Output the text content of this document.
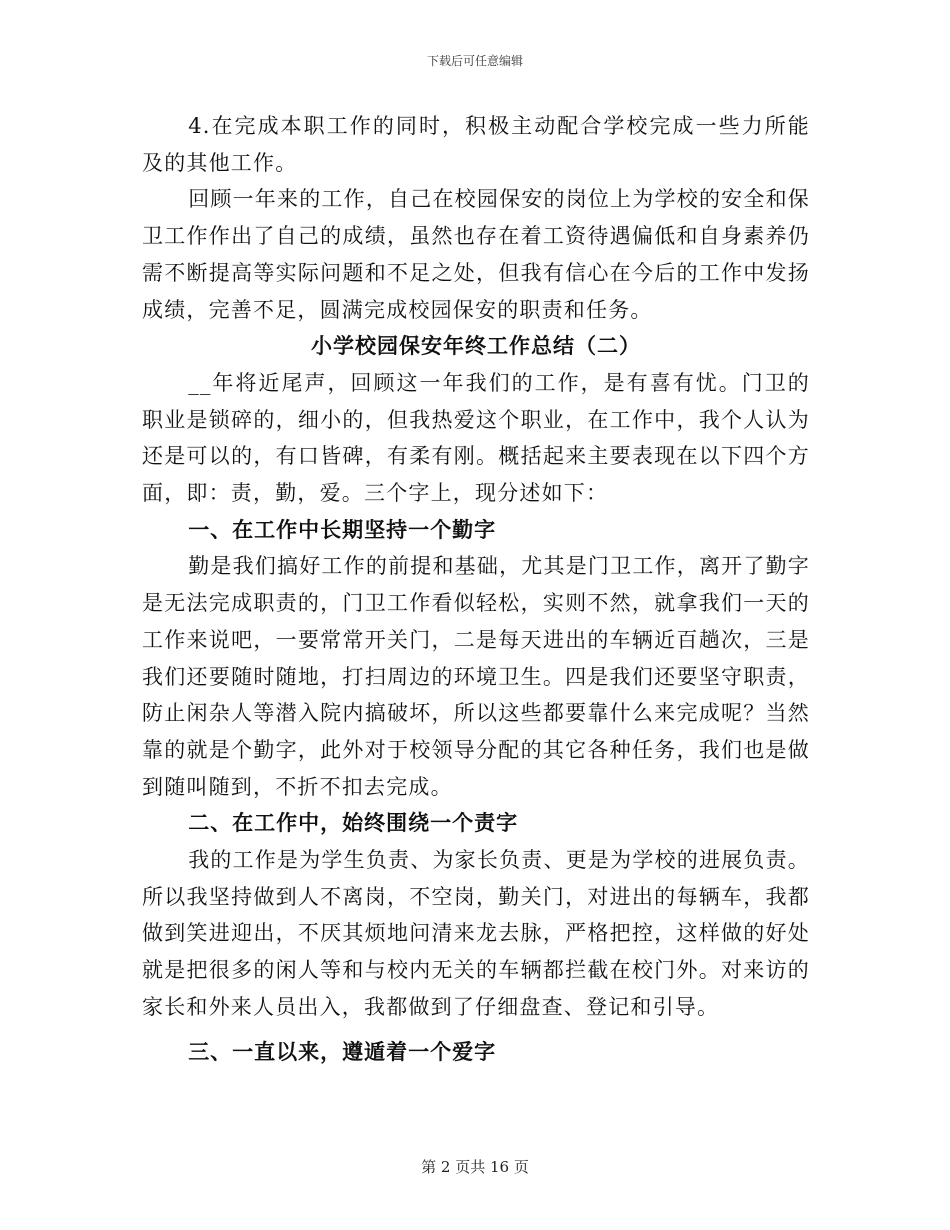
下载后可任意编辑

4.在完成本职工作的同时，积极主动配合学校完成一些力所能及的其他工作。

回顾一年来的工作，自己在校园保安的岗位上为学校的安全和保卫工作作出了自己的成绩，虽然也存在着工资待遇偏低和自身素养仍需不断提高等实际问题和不足之处，但我有信心在今后的工作中发扬成绩，完善不足，圆满完成校园保安的职责和任务。

小学校园保安年终工作总结（二）

__年将近尾声，回顾这一年我们的工作，是有喜有忧。门卫的职业是锁碎的，细小的，但我热爱这个职业，在工作中，我个人认为还是可以的，有口皆碑，有柔有刚。概括起来主要表现在以下四个方面，即：责，勤，爱。三个字上，现分述如下：

一、在工作中长期坚持一个勤字

勤是我们搞好工作的前提和基础，尤其是门卫工作，离开了勤字是无法完成职责的，门卫工作看似轻松，实则不然，就拿我们一天的工作来说吧，一要常常开关门，二是每天进出的车辆近百趟次，三是我们还要随时随地，打扫周边的环境卫生。四是我们还要坚守职责，防止闲杂人等潜入院内搞破坏，所以这些都要靠什么来完成呢？当然靠的就是个勤字，此外对于校领导分配的其它各种任务，我们也是做到随叫随到，不折不扣去完成。

二、在工作中，始终围绕一个责字

我的工作是为学生负责、为家长负责、更是为学校的进展负责。所以我坚持做到人不离岗，不空岗，勤关门，对进出的每辆车，我都做到笑进迎出，不厌其烦地问清来龙去脉，严格把控，这样做的好处就是把很多的闲人等和与校内无关的车辆都拦截在校门外。对来访的家长和外来人员出入，我都做到了仔细盘查、登记和引导。

三、一直以来，遵遁着一个爱字

第 2 页共 16 页
